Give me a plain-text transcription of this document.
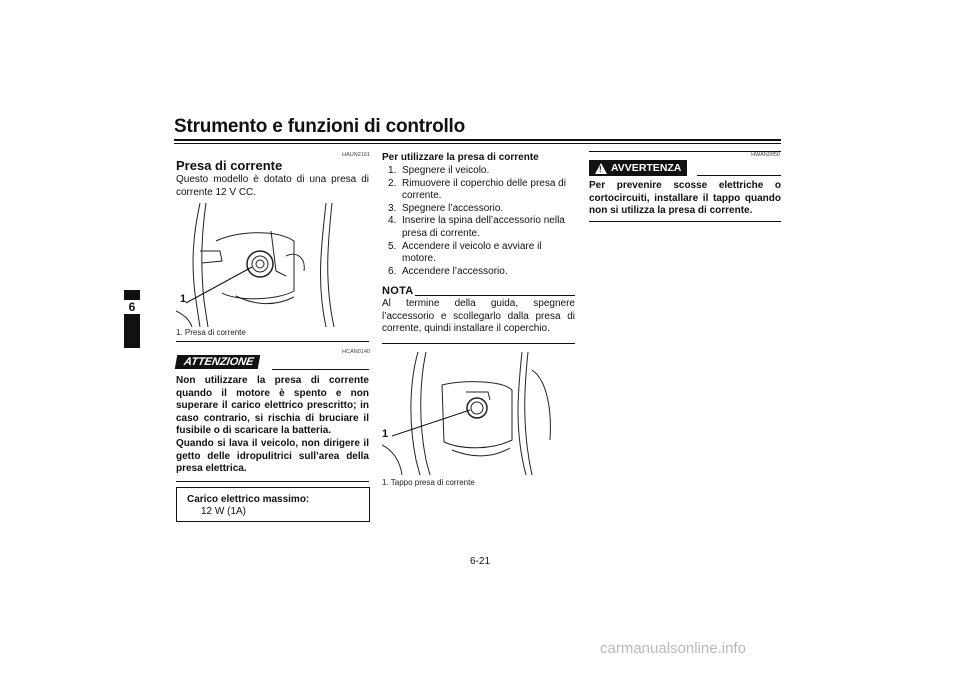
Strumento e funzioni di controllo
6
HAUN2161
Presa di corrente
Questo modello è dotato di una presa di corrente 12 V CC.
1
1. Presa di corrente
ATTENZIONE
HCAN0140
Non utilizzare la presa di corrente quando il motore è spento e non superare il carico elettrico prescritto; in caso contrario, si rischia di bruciare il fusibile o di scaricare la batteria.
Quando si lava il veicolo, non dirigere il getto delle idropulitrici sull’area della presa elettrica.
Carico elettrico massimo:
12 W (1A)
Per utilizzare la presa di corrente
1. Spegnere il veicolo.
2. Rimuovere il coperchio delle presa di corrente.
3. Spegnere l’accessorio.
4. Inserire la spina dell’accessorio nella presa di corrente.
5. Accendere il veicolo e avviare il motore.
6. Accendere l’accessorio.
NOTA
Al termine della guida, spegnere l’accessorio e scollegarlo dalla presa di corrente, quindi installare il coperchio.
1
1. Tappo presa di corrente
HWAN0050
! AVVERTENZA
Per prevenire scosse elettriche o cortocircuiti, installare il tappo quando non si utilizza la presa di corrente.
6-21
carmanualsonline.info
